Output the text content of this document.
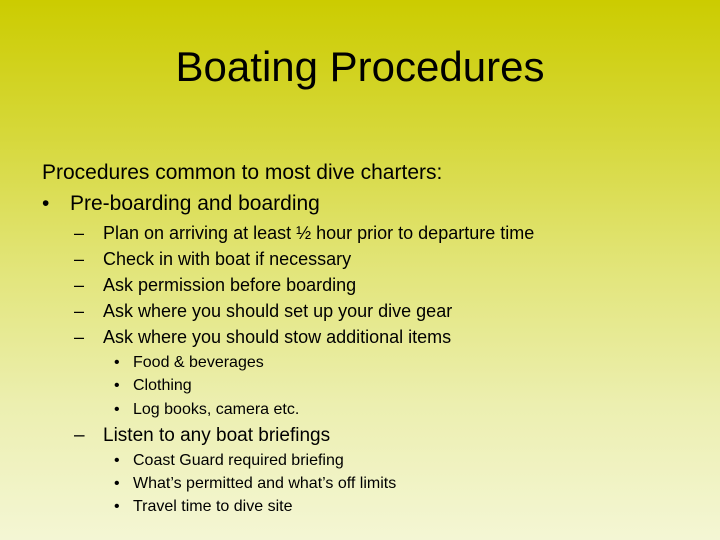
Boating Procedures
Procedures common to most dive charters:
• Pre-boarding and boarding
– Plan on arriving at least ½ hour prior to departure time
– Check in with boat if necessary
– Ask permission before boarding
– Ask where you should set up your dive gear
– Ask where you should stow additional items
• Food & beverages
• Clothing
• Log books, camera etc.
– Listen to any boat briefings
• Coast Guard required briefing
• What’s permitted and what’s off limits
• Travel time to dive site
